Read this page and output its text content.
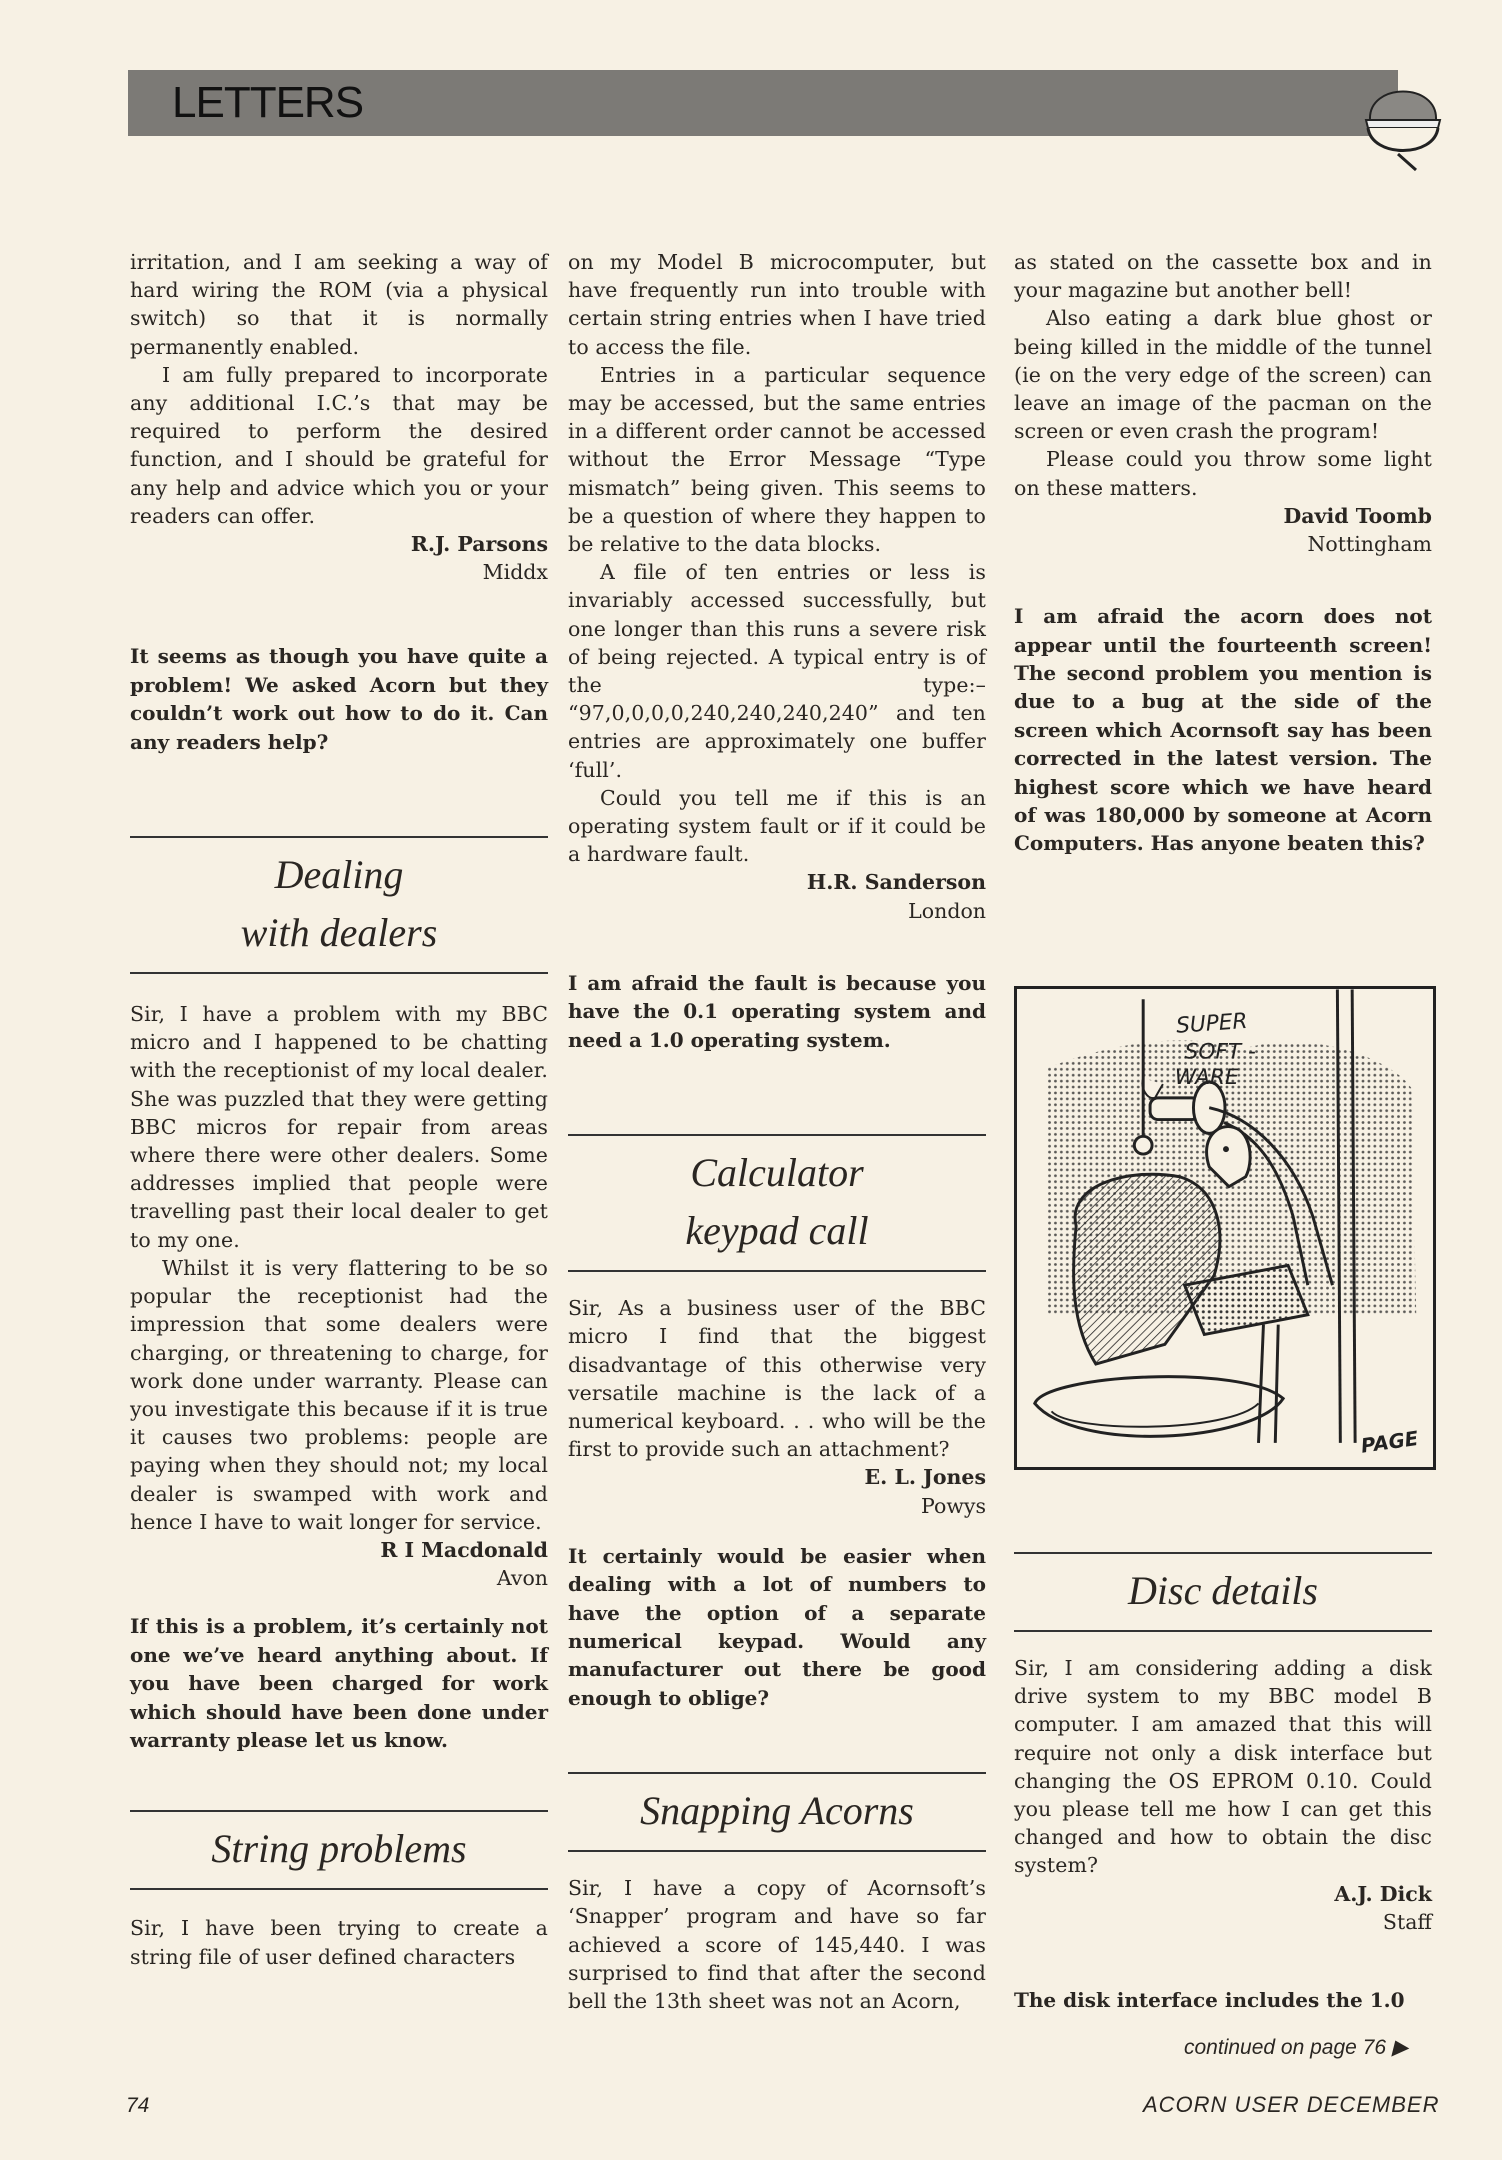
LETTERS

irritation, and I am seeking a way of hard wiring the ROM (via a physical switch) so that it is normally permanently enabled.

I am fully prepared to incorporate any additional I.C.’s that may be required to perform the desired function, and I should be grateful for any help and advice which you or your readers can offer.

R.J. Parsons
Middx

It seems as though you have quite a problem! We asked Acorn but they couldn’t work out how to do it. Can any readers help?

Dealing
with dealers

Sir, I have a problem with my BBC micro and I happened to be chatting with the receptionist of my local dealer. She was puzzled that they were getting BBC micros for repair from areas where there were other dealers. Some addresses implied that people were travelling past their local dealer to get to my one.

Whilst it is very flattering to be so popular the receptionist had the impression that some dealers were charging, or threatening to charge, for work done under warranty. Please can you investigate this because if it is true it causes two problems: people are paying when they should not; my local dealer is swamped with work and hence I have to wait longer for service.

R I Macdonald
Avon

If this is a problem, it’s certainly not one we’ve heard anything about. If you have been charged for work which should have been done under warranty please let us know.

String problems

Sir, I have been trying to create a string file of user defined characters

on my Model B microcomputer, but have frequently run into trouble with certain string entries when I have tried to access the file.

Entries in a particular sequence may be accessed, but the same entries in a different order cannot be accessed without the Error Message “Type mismatch” being given. This seems to be a question of where they happen to be relative to the data blocks.

A file of ten entries or less is invariably accessed successfully, but one longer than this runs a severe risk of being rejected. A typical entry is of the type:– “97,0,0,0,0,240,240,240,240” and ten entries are approximately one buffer ‘full’.

Could you tell me if this is an operating system fault or if it could be a hardware fault.

H.R. Sanderson
London

I am afraid the fault is because you have the 0.1 operating system and need a 1.0 operating system.

Calculator
keypad call

Sir, As a business user of the BBC micro I find that the biggest disadvantage of this otherwise very versatile machine is the lack of a numerical keyboard. . . who will be the first to provide such an attachment?

E. L. Jones
Powys

It certainly would be easier when dealing with a lot of numbers to have the option of a separate numerical keypad. Would any manufacturer out there be good enough to oblige?

Snapping Acorns

Sir, I have a copy of Acornsoft’s ‘Snapper’ program and have so far achieved a score of 145,440. I was surprised to find that after the second bell the 13th sheet was not an Acorn,

as stated on the cassette box and in your magazine but another bell!

Also eating a dark blue ghost or being killed in the middle of the tunnel (ie on the very edge of the screen) can leave an image of the pacman on the screen or even crash the program!

Please could you throw some light on these matters.

David Toomb
Nottingham

I am afraid the acorn does not appear until the fourteenth screen! The second problem you mention is due to a bug at the side of the screen which Acornsoft say has been corrected in the latest version. The highest score which we have heard of was 180,000 by someone at Acorn Computers. Has anyone beaten this?

SUPER
SOFT -
WARE
PAGE
Disc details

Sir, I am considering adding a disk drive system to my BBC model B computer. I am amazed that this will require not only a disk interface but changing the OS EPROM 0.10. Could you please tell me how I can get this changed and how to obtain the disc system?

A.J. Dick
Staff

The disk interface includes the 1.0

continued on page 76 ▶
74	ACORN USER DECEMBER
